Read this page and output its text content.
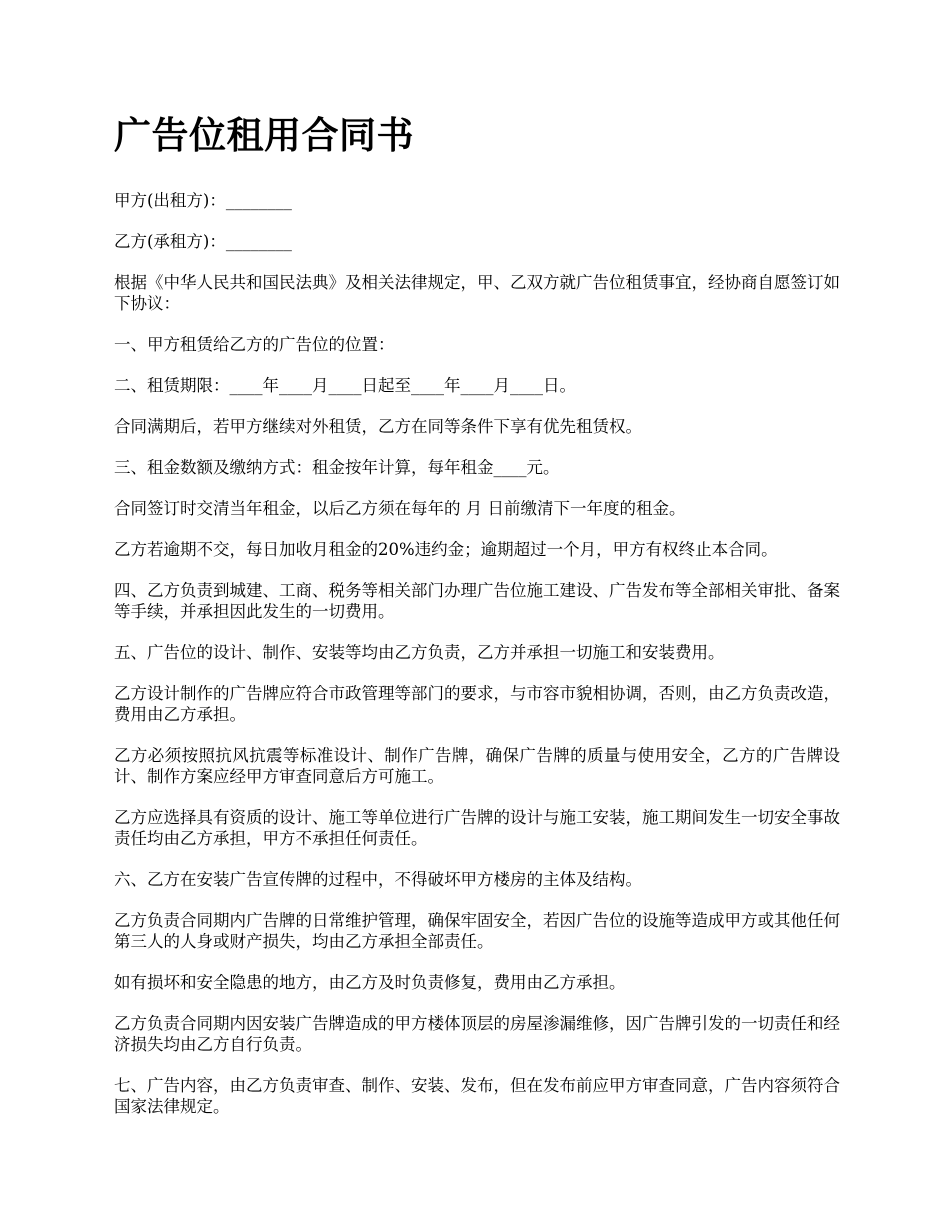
广告位租用合同书

甲方(出租方)：________

乙方(承租方)：________

根据《中华人民共和国民法典》及相关法律规定，甲、乙双方就广告位租赁事宜，经协商自愿签订如下协议：

一、甲方租赁给乙方的广告位的位置：

二、租赁期限：____年____月____日起至____年____月____日。

合同满期后，若甲方继续对外租赁，乙方在同等条件下享有优先租赁权。

三、租金数额及缴纳方式：租金按年计算，每年租金____元。

合同签订时交清当年租金，以后乙方须在每年的 月 日前缴清下一年度的租金。

乙方若逾期不交，每日加收月租金的20%违约金；逾期超过一个月，甲方有权终止本合同。

四、乙方负责到城建、工商、税务等相关部门办理广告位施工建设、广告发布等全部相关审批、备案等手续，并承担因此发生的一切费用。

五、广告位的设计、制作、安装等均由乙方负责，乙方并承担一切施工和安装费用。

乙方设计制作的广告牌应符合市政管理等部门的要求，与市容市貌相协调，否则，由乙方负责改造，费用由乙方承担。

乙方必须按照抗风抗震等标准设计、制作广告牌，确保广告牌的质量与使用安全，乙方的广告牌设计、制作方案应经甲方审查同意后方可施工。

乙方应选择具有资质的设计、施工等单位进行广告牌的设计与施工安装，施工期间发生一切安全事故责任均由乙方承担，甲方不承担任何责任。

六、乙方在安装广告宣传牌的过程中，不得破坏甲方楼房的主体及结构。

乙方负责合同期内广告牌的日常维护管理，确保牢固安全，若因广告位的设施等造成甲方或其他任何第三人的人身或财产损失，均由乙方承担全部责任。

如有损坏和安全隐患的地方，由乙方及时负责修复，费用由乙方承担。

乙方负责合同期内因安装广告牌造成的甲方楼体顶层的房屋渗漏维修，因广告牌引发的一切责任和经济损失均由乙方自行负责。

七、广告内容，由乙方负责审查、制作、安装、发布，但在发布前应甲方审查同意，广告内容须符合国家法律规定。
